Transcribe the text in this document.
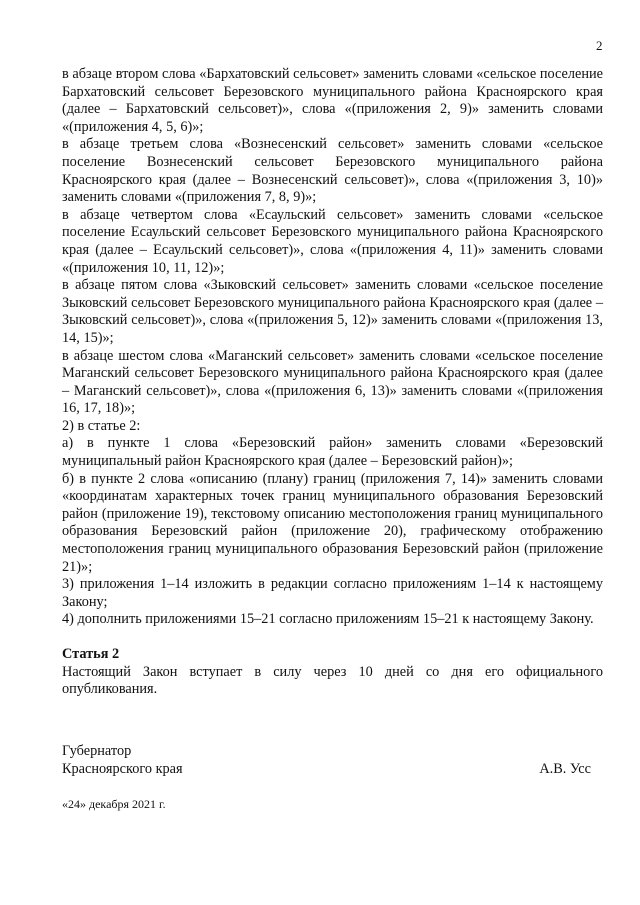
2

в абзаце втором слова «Бархатовский сельсовет» заменить словами «сельское поселение Бархатовский сельсовет Березовского муниципального района Красноярского края (далее – Бархатовский сельсовет)», слова «(приложения 2, 9)» заменить словами «(приложения 4, 5, 6)»;

в абзаце третьем слова «Вознесенский сельсовет» заменить словами «сельское поселение Вознесенский сельсовет Березовского муниципального района Красноярского края (далее – Вознесенский сельсовет)», слова «(приложения 3, 10)» заменить словами «(приложения 7, 8, 9)»;

в абзаце четвертом слова «Есаульский сельсовет» заменить словами «сельское поселение Есаульский сельсовет Березовского муниципального района Красноярского края (далее – Есаульский сельсовет)», слова «(приложения 4, 11)» заменить словами «(приложения 10, 11, 12)»;

в абзаце пятом слова «Зыковский сельсовет» заменить словами «сельское поселение Зыковский сельсовет Березовского муниципального района Красноярского края (далее – Зыковский сельсовет)», слова «(приложения 5, 12)» заменить словами «(приложения 13, 14, 15)»;

в абзаце шестом слова «Маганский сельсовет» заменить словами «сельское поселение Маганский сельсовет Березовского муниципального района Красноярского края (далее – Маганский сельсовет)», слова «(приложения 6, 13)» заменить словами «(приложения 16, 17, 18)»;

2) в статье 2:

а) в пункте 1 слова «Березовский район» заменить словами «Березовский муниципальный район Красноярского края (далее – Березовский район)»;

б) в пункте 2 слова «описанию (плану) границ (приложения 7, 14)» заменить словами «координатам характерных точек границ муниципального образования Березовский район (приложение 19), текстовому описанию местоположения границ муниципального образования Березовский район (приложение 20), графическому отображению местоположения границ муниципального образования Березовский район (приложение 21)»;

3) приложения 1–14 изложить в редакции согласно приложениям 1–14 к настоящему Закону;

4) дополнить приложениями 15–21 согласно приложениям 15–21 к настоящему Закону.

Статья 2

Настоящий Закон вступает в силу через 10 дней со дня его официального опубликования.

Губернатор
Красноярского края	А.В. Усс
«24» декабря 2021 г.
